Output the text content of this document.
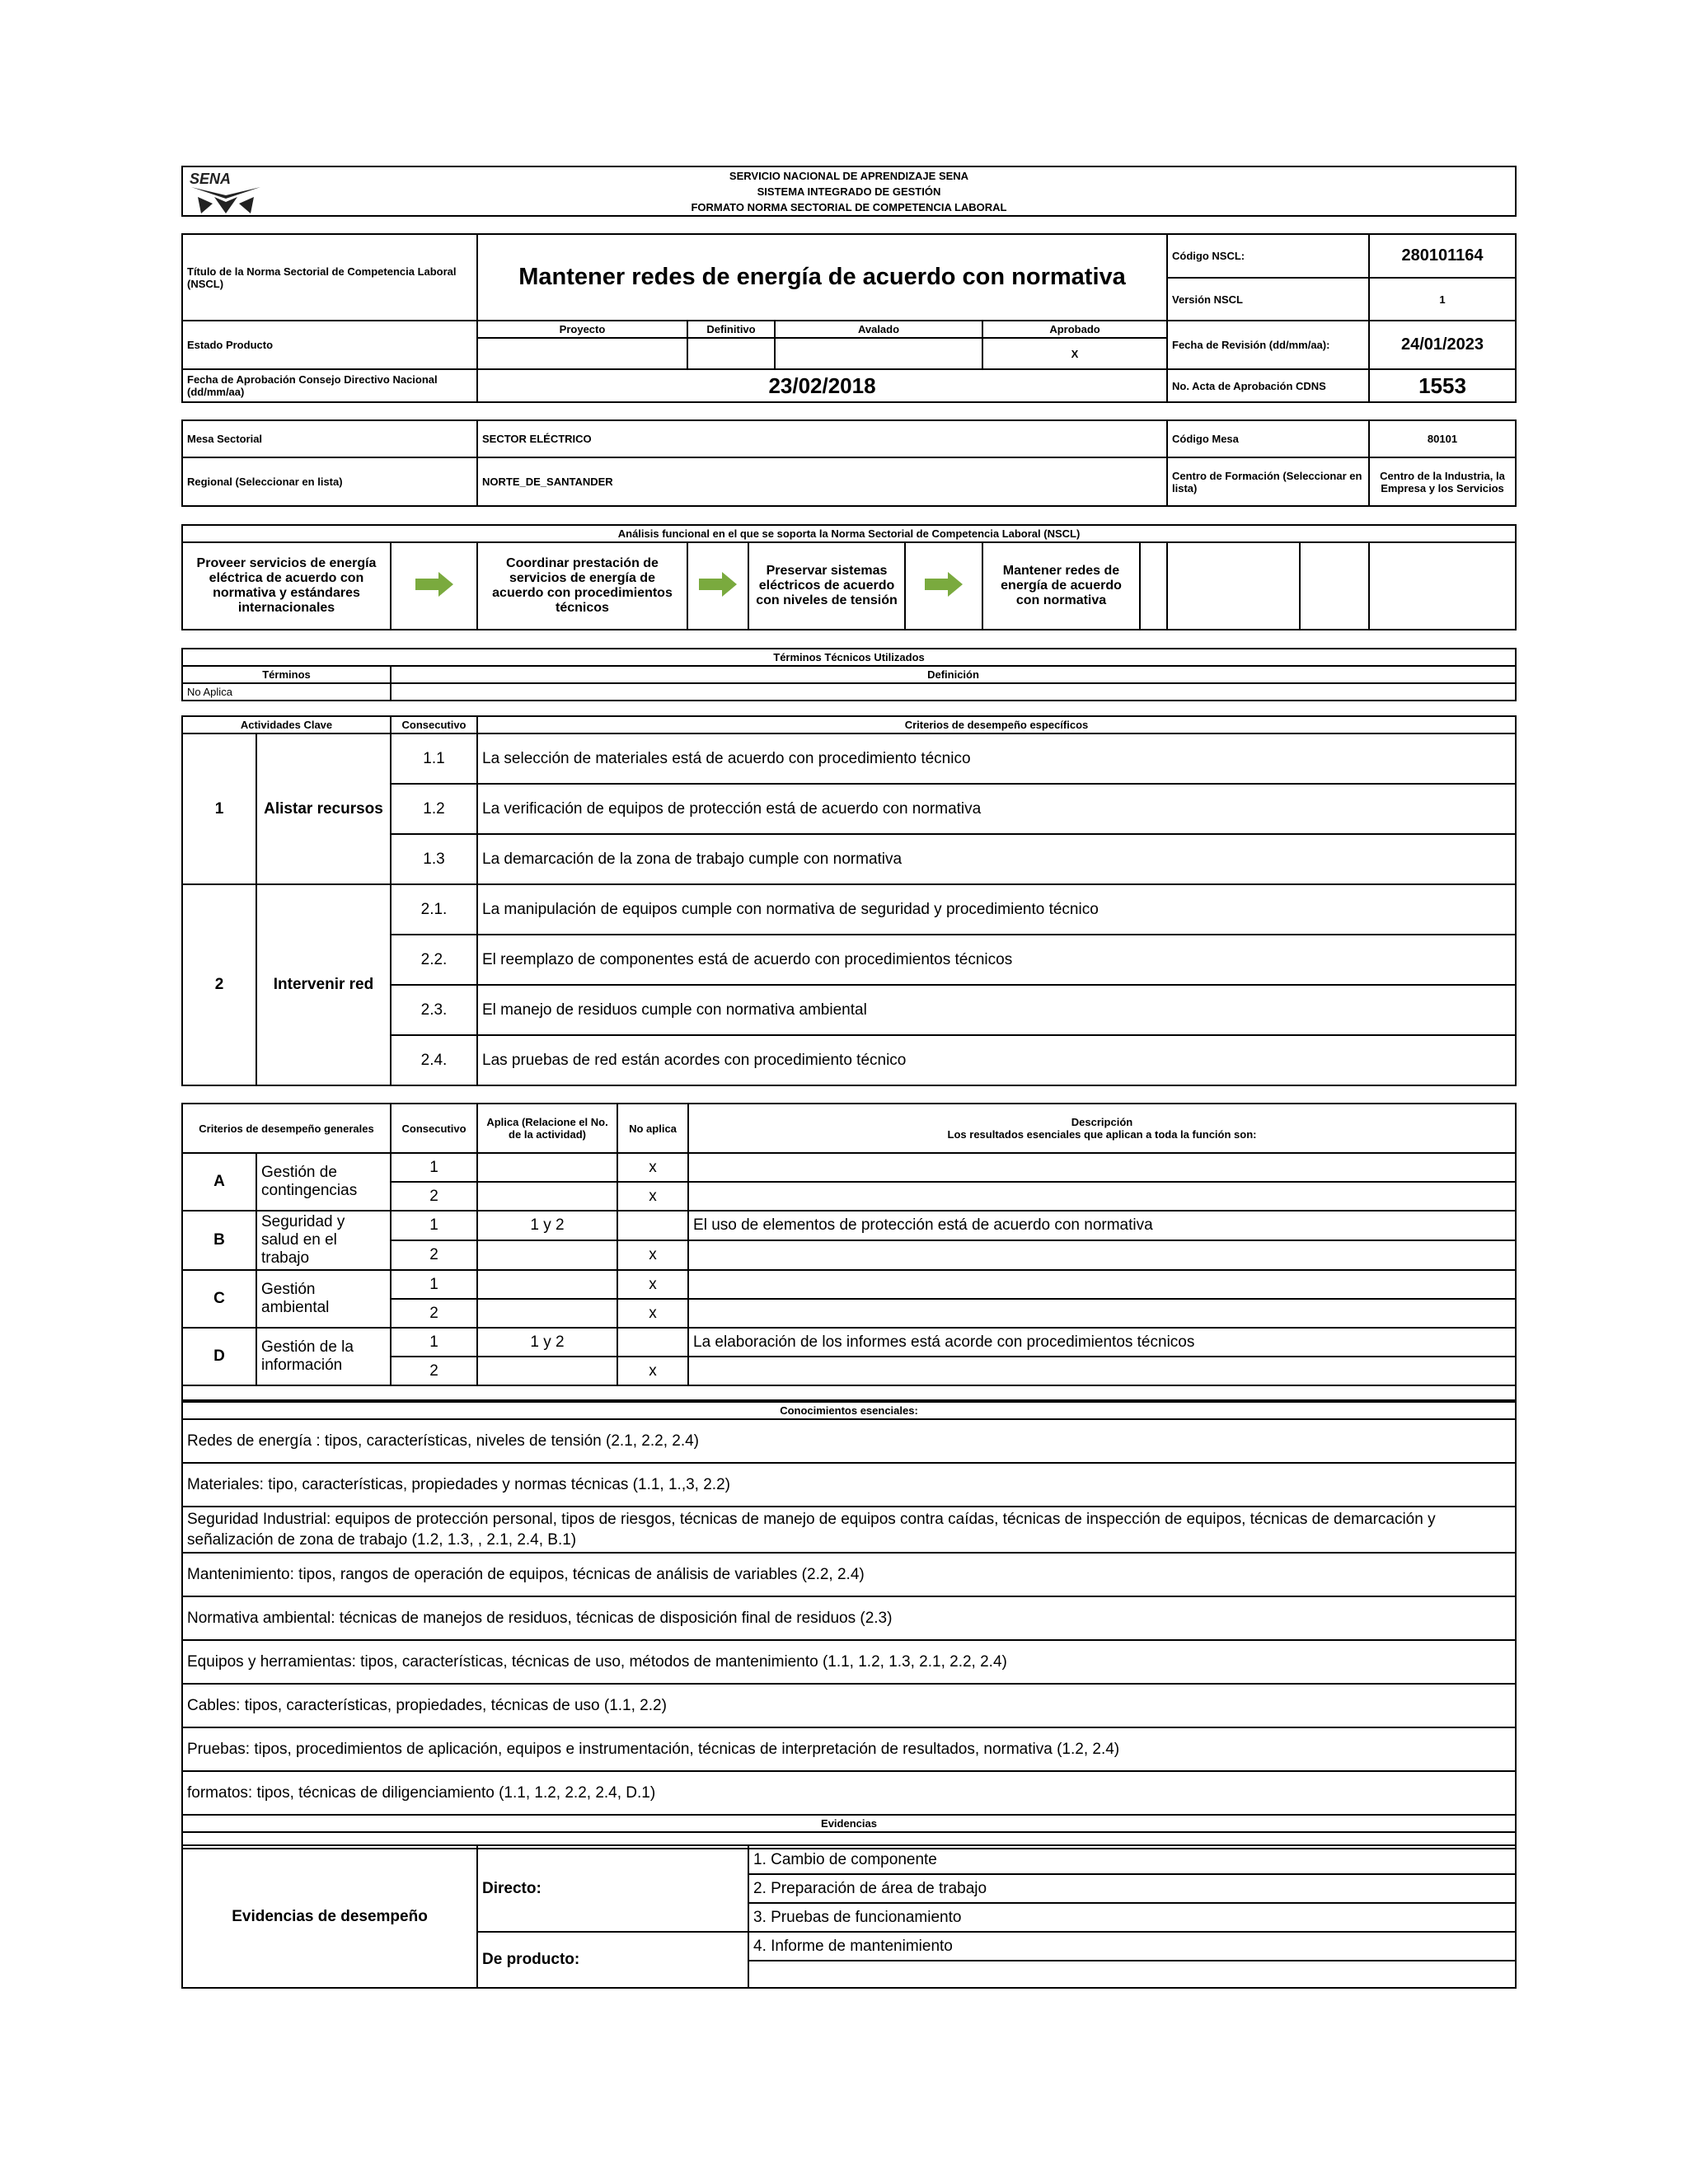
SENA	SERVICIO NACIONAL DE APRENDIZAJE SENA
SISTEMA INTEGRADO DE GESTIÓN
FORMATO NORMA SECTORIAL DE COMPETENCIA LABORAL
Título de la Norma Sectorial de Competencia Laboral (NSCL)	Mantener redes de energía de acuerdo con normativa				Código NSCL:	280101164
					Versión NSCL	1
Estado Producto	Proyecto	Definitivo	Avalado	Aprobado	Fecha de Revisión (dd/mm/aa):	24/01/2023
				X		
Fecha de Aprobación Consejo Directivo Nacional (dd/mm/aa)	23/02/2018				No. Acta de Aprobación CDNS	1553
Mesa Sectorial	SECTOR ELÉCTRICO	Código Mesa	80101
Regional (Seleccionar en lista)	NORTE_DE_SANTANDER	Centro de Formación (Seleccionar en lista)	Centro de la Industria, la Empresa y los Servicios
Análisis funcional en el que se soporta la Norma Sectorial de Competencia Laboral (NSCL)
Proveer servicios de energía eléctrica de acuerdo con normativa y estándares internacionales		Coordinar prestación de servicios de energía de acuerdo con procedimientos técnicos		Preservar sistemas eléctricos de acuerdo con niveles de tensión		Mantener redes de energía de acuerdo con normativa				
Términos Técnicos Utilizados	
Términos	Definición
No Aplica	
Actividades Clave		Consecutivo	Criterios de desempeño específicos
1	Alistar recursos	1.1	La selección de materiales está de acuerdo con procedimiento técnico
		1.2	La verificación de equipos de protección está de acuerdo con normativa
		1.3	La demarcación de la zona de trabajo cumple con normativa
2	Intervenir red	2.1.	La manipulación de equipos cumple con normativa de seguridad y procedimiento técnico
		2.2.	El reemplazo de componentes está de acuerdo con procedimientos técnicos
		2.3.	El manejo de residuos cumple con normativa ambiental
		2.4.	Las pruebas de red están acordes con procedimiento técnico
Criterios de desempeño generales		Consecutivo	Aplica (Relacione el No. de la actividad)	No aplica	Descripción
Los resultados esenciales que aplican a toda la función son:

A	Gestión de contingencias	1		x	
		2		x	
B	Seguridad y salud en el trabajo	1	1 y 2		El uso de elementos de protección está de acuerdo con normativa
		2		x	
C	Gestión ambiental	1		x	
		2		x	
D	Gestión de la información	1	1 y 2		La elaboración de los informes está acorde con procedimientos técnicos
		2		x	

Conocimientos esenciales:
Redes de energía : tipos, características, niveles de tensión (2.1, 2.2, 2.4)
Materiales: tipo, características, propiedades y normas técnicas (1.1, 1.,3, 2.2)
Seguridad Industrial: equipos de protección personal, tipos de riesgos, técnicas de manejo de equipos contra caídas, técnicas de inspección de equipos, técnicas de demarcación y señalización de zona de trabajo (1.2, 1.3, , 2.1, 2.4, B.1)
Mantenimiento: tipos, rangos de operación de equipos, técnicas de análisis de variables (2.2, 2.4)
Normativa ambiental: técnicas de manejos de residuos, técnicas de disposición final de residuos (2.3)
Equipos y herramientas: tipos, características, técnicas de uso, métodos de mantenimiento (1.1, 1.2, 1.3, 2.1, 2.2, 2.4)
Cables: tipos, características, propiedades, técnicas de uso (1.1, 2.2)
Pruebas: tipos, procedimientos de aplicación, equipos e instrumentación, técnicas de interpretación de resultados, normativa (1.2, 2.4)
formatos: tipos, técnicas de diligenciamiento (1.1, 1.2, 2.2, 2.4, D.1)
Evidencias

Evidencias de desempeño	Directo:	1. Cambio de componente
		2. Preparación de área de trabajo
		3. Pruebas de funcionamiento
	De producto:	4. Informe de mantenimiento
